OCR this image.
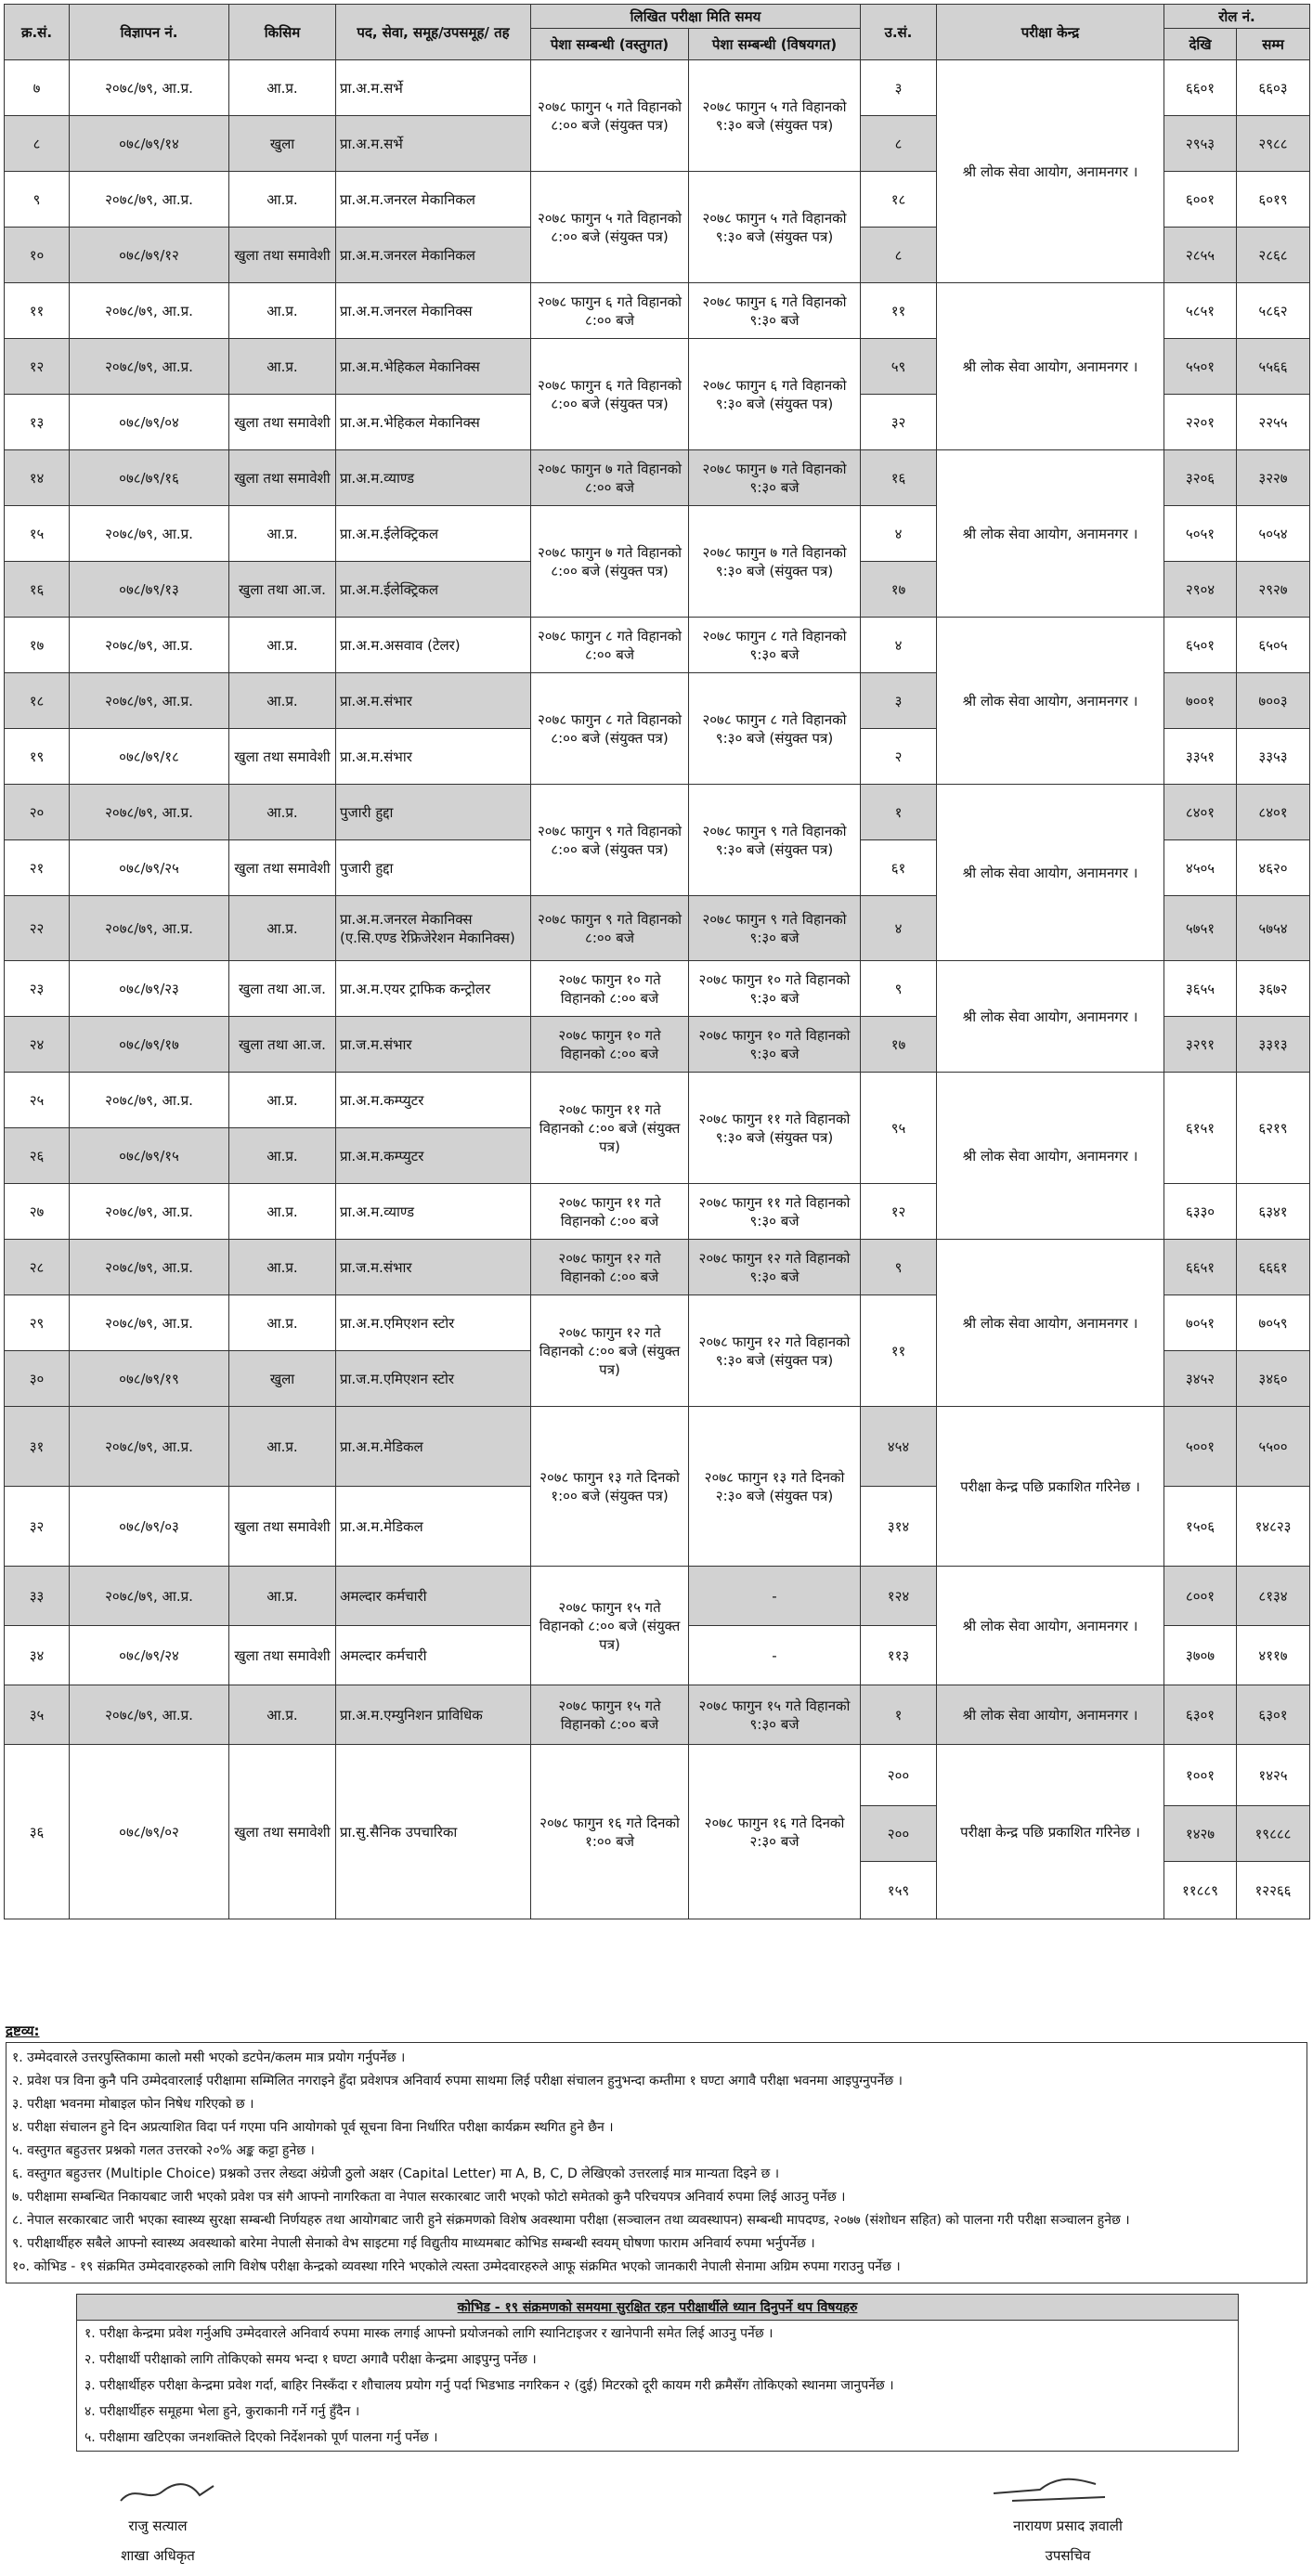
क्र.सं.	विज्ञापन नं.	किसिम	पद, सेवा, समूह/उपसमूह/ तह	लिखित परीक्षा मिति समय		उ.सं.	परीक्षा केन्द्र	रोल नं.	
				पेशा सम्बन्धी (वस्तुगत)	पेशा सम्बन्धी (विषयगत)			देखि	सम्म
७	२०७८/७९, आ.प्र.	आ.प्र.	प्रा.अ.म.सर्भे	२०७८ फागुन ५ गते विहानको ८:०० बजे (संयुक्त पत्र)	२०७८ फागुन ५ गते विहानको ९:३० बजे (संयुक्त पत्र)	३	श्री लोक सेवा आयोग, अनामनगर ।	६६०१	६६०३
८	०७८/७९/१४	खुला	प्रा.अ.म.सर्भे			८		२९५३	२९८८
९	२०७८/७९, आ.प्र.	आ.प्र.	प्रा.अ.म.जनरल मेकानिकल	२०७८ फागुन ५ गते विहानको ८:०० बजे (संयुक्त पत्र)	२०७८ फागुन ५ गते विहानको ९:३० बजे (संयुक्त पत्र)	१८		६००१	६०१९
१०	०७८/७९/१२	खुला तथा समावेशी	प्रा.अ.म.जनरल मेकानिकल			८		२८५५	२८६८
११	२०७८/७९, आ.प्र.	आ.प्र.	प्रा.अ.म.जनरल मेकानिक्स	२०७८ फागुन ६ गते विहानको ८:०० बजे	२०७८ फागुन ६ गते विहानको ९:३० बजे	११	श्री लोक सेवा आयोग, अनामनगर ।	५८५१	५८६२
१२	२०७८/७९, आ.प्र.	आ.प्र.	प्रा.अ.म.भेहिकल मेकानिक्स	२०७८ फागुन ६ गते विहानको ८:०० बजे (संयुक्त पत्र)	२०७८ फागुन ६ गते विहानको ९:३० बजे (संयुक्त पत्र)	५९		५५०१	५५६६
१३	०७८/७९/०४	खुला तथा समावेशी	प्रा.अ.म.भेहिकल मेकानिक्स			३२		२२०१	२२५५
१४	०७८/७९/१६	खुला तथा समावेशी	प्रा.अ.म.व्याण्ड	२०७८ फागुन ७ गते विहानको ८:०० बजे	२०७८ फागुन ७ गते विहानको ९:३० बजे	१६	श्री लोक सेवा आयोग, अनामनगर ।	३२०६	३२२७
१५	२०७८/७९, आ.प्र.	आ.प्र.	प्रा.अ.म.ईलेक्ट्रिकल	२०७८ फागुन ७ गते विहानको ८:०० बजे (संयुक्त पत्र)	२०७८ फागुन ७ गते विहानको ९:३० बजे (संयुक्त पत्र)	४		५०५१	५०५४
१६	०७८/७९/१३	खुला तथा आ.ज.	प्रा.अ.म.ईलेक्ट्रिकल			१७		२९०४	२९२७
१७	२०७८/७९, आ.प्र.	आ.प्र.	प्रा.अ.म.असवाव (टेलर)	२०७८ फागुन ८ गते विहानको ८:०० बजे	२०७८ फागुन ८ गते विहानको ९:३० बजे	४	श्री लोक सेवा आयोग, अनामनगर ।	६५०१	६५०५
१८	२०७८/७९, आ.प्र.	आ.प्र.	प्रा.अ.म.संभार	२०७८ फागुन ८ गते विहानको ८:०० बजे (संयुक्त पत्र)	२०७८ फागुन ८ गते विहानको ९:३० बजे (संयुक्त पत्र)	३		७००१	७००३
१९	०७८/७९/१८	खुला तथा समावेशी	प्रा.अ.म.संभार			२		३३५१	३३५३
२०	२०७८/७९, आ.प्र.	आ.प्र.	पुजारी हुद्दा	२०७८ फागुन ९ गते विहानको ८:०० बजे (संयुक्त पत्र)	२०७८ फागुन ९ गते विहानको ९:३० बजे (संयुक्त पत्र)	१	श्री लोक सेवा आयोग, अनामनगर ।	८४०१	८४०१
२१	०७८/७९/२५	खुला तथा समावेशी	पुजारी हुद्दा			६१		४५०५	४६२०
२२	२०७८/७९, आ.प्र.	आ.प्र.	प्रा.अ.म.जनरल मेकानिक्स (ए.सि.एण्ड रेफ्रिजेरेशन मेकानिक्स)	२०७८ फागुन ९ गते विहानको ८:०० बजे	२०७८ फागुन ९ गते विहानको ९:३० बजे	४		५७५१	५७५४
२३	०७८/७९/२३	खुला तथा आ.ज.	प्रा.अ.म.एयर ट्राफिक कन्ट्रोलर	२०७८ फागुन १० गते विहानको ८:०० बजे	२०७८ फागुन १० गते विहानको ९:३० बजे	९	श्री लोक सेवा आयोग, अनामनगर ।	३६५५	३६७२
२४	०७८/७९/१७	खुला तथा आ.ज.	प्रा.ज.म.संभार	२०७८ फागुन १० गते विहानको ८:०० बजे	२०७८ फागुन १० गते विहानको ९:३० बजे	१७		३२९१	३३१३
२५	२०७८/७९, आ.प्र.	आ.प्र.	प्रा.अ.म.कम्प्युटर	२०७८ फागुन ११ गते विहानको ८:०० बजे (संयुक्त पत्र)	२०७८ फागुन ११ गते विहानको ९:३० बजे (संयुक्त पत्र)	९५	श्री लोक सेवा आयोग, अनामनगर ।	६१५१	६२१९
२६	०७८/७९/१५	आ.प्र.	प्रा.अ.म.कम्प्युटर						
२७	२०७८/७९, आ.प्र.	आ.प्र.	प्रा.अ.म.व्याण्ड	२०७८ फागुन ११ गते विहानको ८:०० बजे	२०७८ फागुन ११ गते विहानको ९:३० बजे	१२		६३३०	६३४१
२८	२०७८/७९, आ.प्र.	आ.प्र.	प्रा.ज.म.संभार	२०७८ फागुन १२ गते विहानको ८:०० बजे	२०७८ फागुन १२ गते विहानको ९:३० बजे	९	श्री लोक सेवा आयोग, अनामनगर ।	६६५१	६६६१
२९	२०७८/७९, आ.प्र.	आ.प्र.	प्रा.अ.म.एमिएशन स्टोर	२०७८ फागुन १२ गते विहानको ८:०० बजे (संयुक्त पत्र)	२०७८ फागुन १२ गते विहानको ९:३० बजे (संयुक्त पत्र)	११		७०५१	७०५९
३०	०७८/७९/१९	खुला	प्रा.ज.म.एमिएशन स्टोर					३४५२	३४६०
३१	२०७८/७९, आ.प्र.	आ.प्र.	प्रा.अ.म.मेडिकल	२०७८ फागुन १३ गते दिनको १:०० बजे (संयुक्त पत्र)	२०७८ फागुन १३ गते दिनको २:३० बजे (संयुक्त पत्र)	४५४	परीक्षा केन्द्र पछि प्रकाशित गरिनेछ ।	५००१	५५००
३२	०७८/७९/०३	खुला तथा समावेशी	प्रा.अ.म.मेडिकल			३१४		१५०६	१४८२३
३३	२०७८/७९, आ.प्र.	आ.प्र.	अमल्दार कर्मचारी	२०७८ फागुन १५ गते विहानको ८:०० बजे (संयुक्त पत्र)	-	१२४	श्री लोक सेवा आयोग, अनामनगर ।	८००१	८१३४
३४	०७८/७९/२४	खुला तथा समावेशी	अमल्दार कर्मचारी		-	११३		३७०७	४११७
३५	२०७८/७९, आ.प्र.	आ.प्र.	प्रा.अ.म.एम्युनिशन प्राविधिक	२०७८ फागुन १५ गते विहानको ८:०० बजे	२०७८ फागुन १५ गते विहानको ९:३० बजे	१	श्री लोक सेवा आयोग, अनामनगर ।	६३०१	६३०१
३६	०७८/७९/०२	खुला तथा समावेशी	प्रा.सु.सैनिक उपचारिका	२०७८ फागुन १६ गते दिनको १:०० बजे	२०७८ फागुन १६ गते दिनको २:३० बजे	२००	परीक्षा केन्द्र पछि प्रकाशित गरिनेछ ।	१००१	१४२५
						२००		१४२७	१९८८८
						१५९		११८८९	१२२६६
द्रष्टव्य:
१. उम्मेदवारले उत्तरपुस्तिकामा कालो मसी भएको डटपेन/कलम मात्र प्रयोग गर्नुपर्नेछ ।
२. प्रवेश पत्र विना कुनै पनि उम्मेदवारलाई परीक्षामा सम्मिलित नगराइने हुँदा प्रवेशपत्र अनिवार्य रुपमा साथमा लिई परीक्षा संचालन हुनुभन्दा कम्तीमा १ घण्टा अगावै परीक्षा भवनमा आइपुग्नुपर्नेछ ।
३. परीक्षा भवनमा मोबाइल फोन निषेध गरिएको छ ।
४. परीक्षा संचालन हुने दिन अप्रत्याशित विदा पर्न गएमा पनि आयोगको पूर्व सूचना विना निर्धारित परीक्षा कार्यक्रम स्थगित हुने छैन ।
५. वस्तुगत बहुउत्तर प्रश्नको गलत उत्तरको २०% अङ्क कट्टा हुनेछ ।
६. वस्तुगत बहुउत्तर (Multiple Choice) प्रश्नको उत्तर लेख्दा अंग्रेजी ठुलो अक्षर (Capital Letter) मा A, B, C, D लेखिएको उत्तरलाई मात्र मान्यता दिइने छ ।
७. परीक्षामा सम्बन्धित निकायबाट जारी भएको प्रवेश पत्र संगै आफ्नो नागरिकता वा नेपाल सरकारबाट जारी भएको फोटो समेतको कुनै परिचयपत्र अनिवार्य रुपमा लिई आउनु पर्नेछ ।
८. नेपाल सरकारबाट जारी भएका स्वास्थ्य सुरक्षा सम्बन्धी निर्णयहरु तथा आयोगबाट जारी हुने संक्रमणको विशेष अवस्थामा परीक्षा (सञ्चालन तथा व्यवस्थापन) सम्बन्धी मापदण्ड, २०७७ (संशोधन सहित) को पालना गरी परीक्षा सञ्चालन हुनेछ ।
९. परीक्षार्थीहरु सबैले आफ्नो स्वास्थ्य अवस्थाको बारेमा नेपाली सेनाको वेभ साइटमा गई विद्युतीय माध्यमबाट कोभिड सम्बन्धी स्वयम् घोषणा फाराम अनिवार्य रुपमा भर्नुपर्नेछ ।
१०. कोभिड - १९ संक्रमित उम्मेदवारहरुको लागि विशेष परीक्षा केन्द्रको व्यवस्था गरिने भएकोले त्यस्ता उम्मेदवारहरुले आफू संक्रमित भएको जानकारी नेपाली सेनामा अग्रिम रुपमा गराउनु पर्नेछ ।
कोभिड - १९ संक्रमणको समयमा सुरक्षित रहन परीक्षार्थीले ध्यान दिनुपर्ने थप विषयहरु
१. परीक्षा केन्द्रमा प्रवेश गर्नुअघि उम्मेदवारले अनिवार्य रुपमा मास्क लगाई आफ्नो प्रयोजनको लागि स्यानिटाइजर र खानेपानी समेत लिई आउनु पर्नेछ ।
२. परीक्षार्थी परीक्षाको लागि तोकिएको समय भन्दा १ घण्टा अगावै परीक्षा केन्द्रमा आइपुग्नु पर्नेछ ।
३. परीक्षार्थीहरु परीक्षा केन्द्रमा प्रवेश गर्दा, बाहिर निस्कँदा र शौचालय प्रयोग गर्नु पर्दा भिडभाड नगरिकन २ (दुई) मिटरको दूरी कायम गरी क्रमैसँग तोकिएको स्थानमा जानुपर्नेछ ।
४. परीक्षार्थीहरु समूहमा भेला हुने, कुराकानी गर्ने गर्नु हुँदैन ।
५. परीक्षामा खटिएका जनशक्तिले दिएको निर्देशनको पूर्ण पालना गर्नु पर्नेछ ।
राजु सत्याल
शाखा अधिकृत
नारायण प्रसाद ज्ञवाली
उपसचिव
